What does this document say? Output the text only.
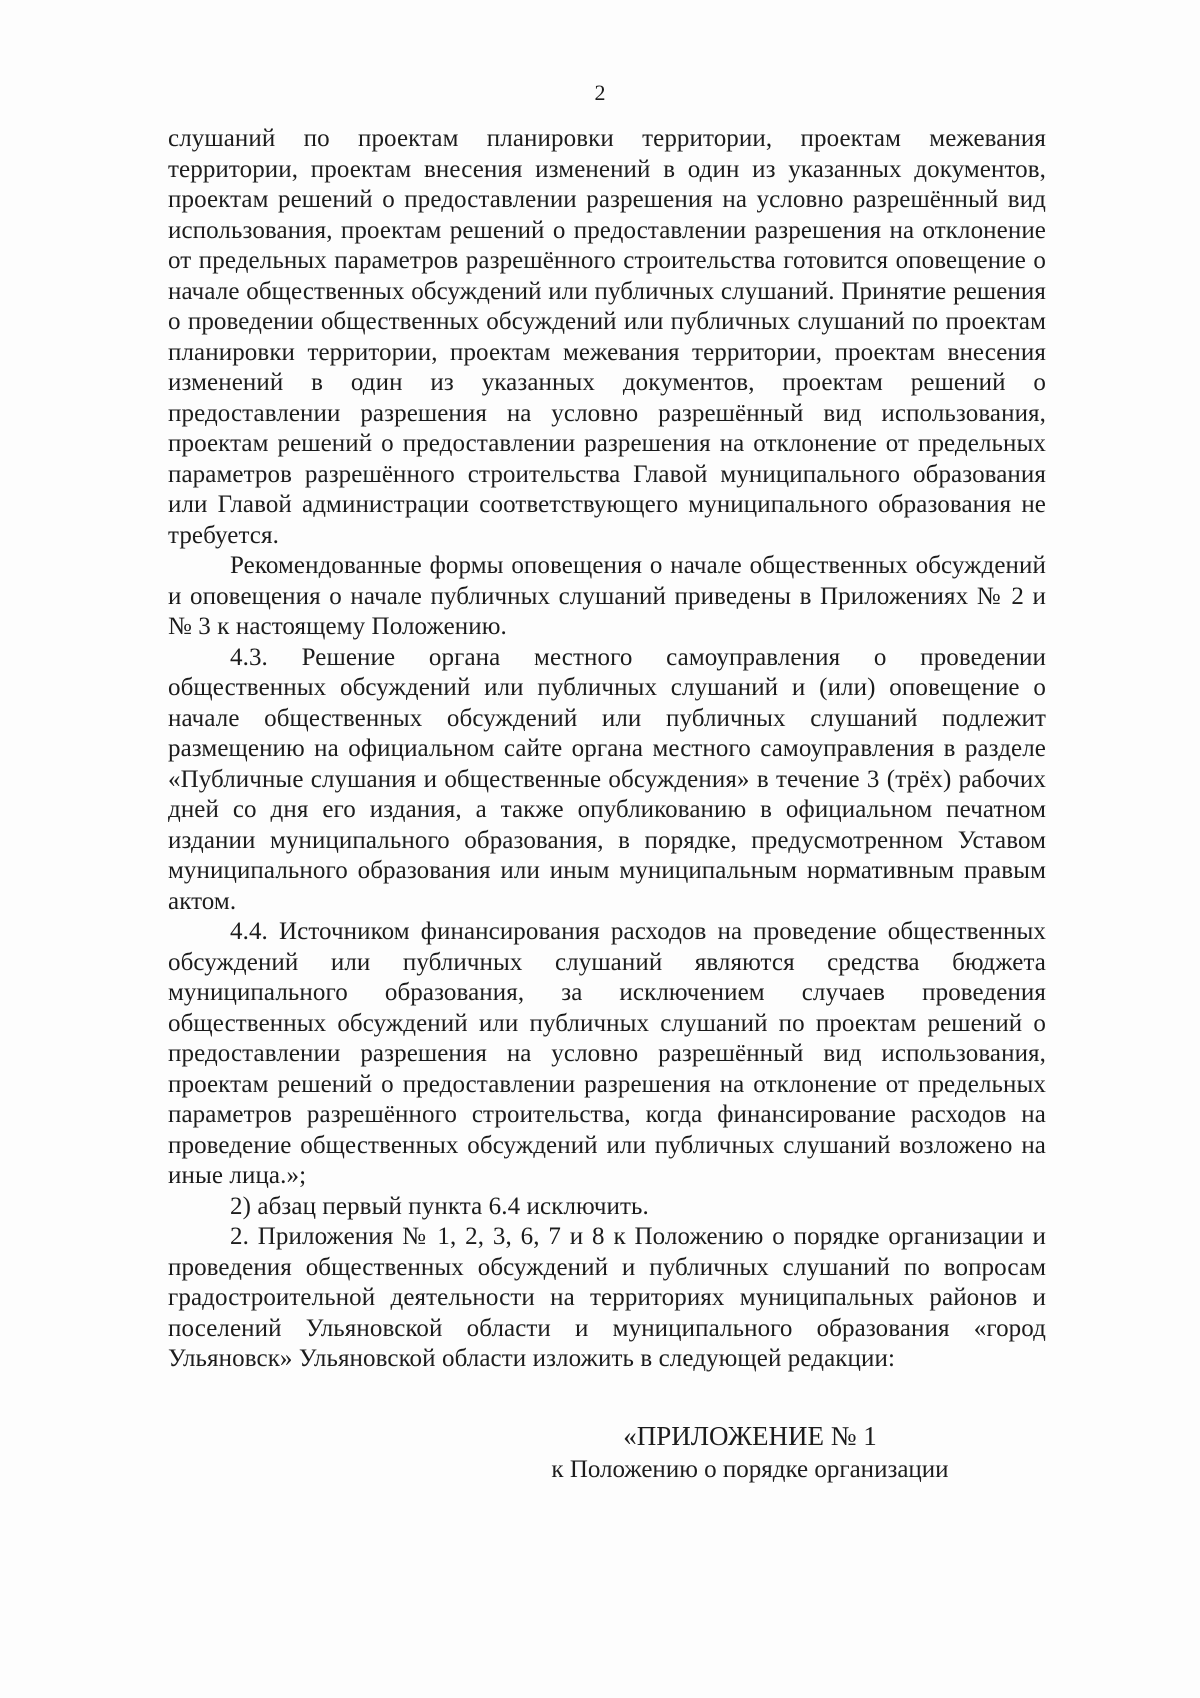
2

слушаний по проектам планировки территории, проектам межевания территории, проектам внесения изменений в один из указанных документов, проектам решений о предоставлении разрешения на условно разрешённый вид использования, проектам решений о предоставлении разрешения на отклонение от предельных параметров разрешённого строительства готовится оповещение о начале общественных обсуждений или публичных слушаний. Принятие решения о проведении общественных обсуждений или публичных слушаний по проектам планировки территории, проектам межевания территории, проектам внесения изменений в один из указанных документов, проектам решений о предоставлении разрешения на условно разрешённый вид использования, проектам решений о предоставлении разрешения на отклонение от предельных параметров разрешённого строительства Главой муниципального образования или Главой администрации соответствующего муниципального образования не требуется.

Рекомендованные формы оповещения о начале общественных обсуждений и оповещения о начале публичных слушаний приведены в Приложениях № 2 и № 3 к настоящему Положению.

4.3. Решение органа местного самоуправления о проведении общественных обсуждений или публичных слушаний и (или) оповещение о начале общественных обсуждений или публичных слушаний подлежит размещению на официальном сайте органа местного самоуправления в разделе «Публичные слушания и общественные обсуждения» в течение 3 (трёх) рабочих дней со дня его издания, а также опубликованию в официальном печатном издании муниципального образования, в порядке, предусмотренном Уставом муниципального образования или иным муниципальным нормативным правым актом.

4.4. Источником финансирования расходов на проведение общественных обсуждений или публичных слушаний являются средства бюджета муниципального образования, за исключением случаев проведения общественных обсуждений или публичных слушаний по проектам решений о предоставлении разрешения на условно разрешённый вид использования, проектам решений о предоставлении разрешения на отклонение от предельных параметров разрешённого строительства, когда финансирование расходов на проведение общественных обсуждений или публичных слушаний возложено на иные лица.»;

2) абзац первый пункта 6.4 исключить.

2. Приложения № 1, 2, 3, 6, 7 и 8 к Положению о порядке организации и проведения общественных обсуждений и публичных слушаний по вопросам градостроительной деятельности на территориях муниципальных районов и поселений Ульяновской области и муниципального образования «город Ульяновск» Ульяновской области изложить в следующей редакции:

«ПРИЛОЖЕНИЕ № 1
к Положению о порядке организации
